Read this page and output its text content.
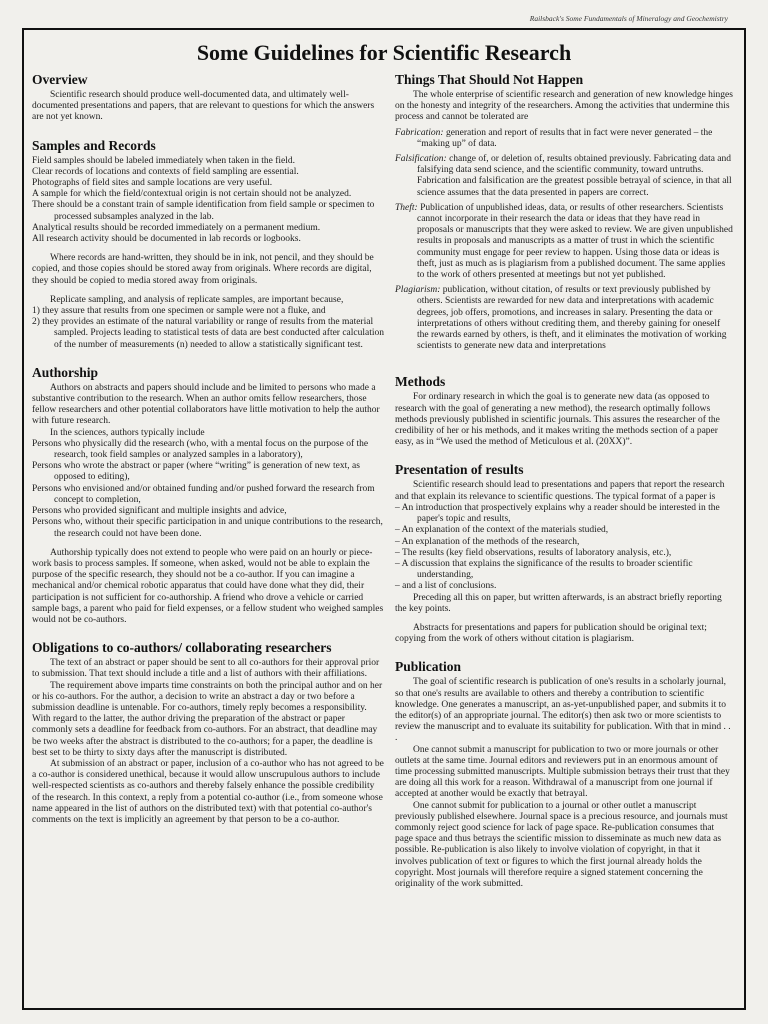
Railsback's Some Fundamentals of Mineralogy and Geochemistry
Some Guidelines for Scientific Research
Overview

Scientific research should produce well-documented data, and ultimately well-documented presentations and papers, that are relevant to questions for which the answers are not yet known.

Samples and Records

Field samples should be labeled immediately when taken in the field.

Clear records of locations and contexts of field sampling are essential.

Photographs of field sites and sample locations are very useful.

A sample for which the field/contextual origin is not certain should not be analyzed.

There should be a constant train of sample identification from field sample or specimen to processed subsamples analyzed in the lab.

Analytical results should be recorded immediately on a permanent medium.

All research activity should be documented in lab records or logbooks.

Where records are hand-written, they should be in ink, not pencil, and they should be copied, and those copies should be stored away from originals. Where records are digital, they should be copied to media stored away from originals.

Replicate sampling, and analysis of replicate samples, are important because,

1) they assure that results from one specimen or sample were not a fluke, and

2) they provides an estimate of the natural variability or range of results from the material sampled. Projects leading to statistical tests of data are best conducted after calculation of the number of measurements (n) needed to allow a statistically significant test.

Authorship

Authors on abstracts and papers should include and be limited to persons who made a substantive contribution to the research. When an author omits fellow researchers, those fellow researchers and other potential collaborators have little motivation to help the author with future research.

In the sciences, authors typically include

Persons who physically did the research (who, with a mental focus on the purpose of the research, took field samples or analyzed samples in a laboratory),

Persons who wrote the abstract or paper (where “writing” is generation of new text, as opposed to editing),

Persons who envisioned and/or obtained funding and/or pushed forward the research from concept to completion,

Persons who provided significant and multiple insights and advice,

Persons who, without their specific participation in and unique contributions to the research, the research could not have been done.

Authorship typically does not extend to people who were paid on an hourly or piece-work basis to process samples. If someone, when asked, would not be able to explain the purpose of the specific research, they should not be a co-author. If you can imagine a mechanical and/or chemical robotic apparatus that could have done what they did, their participation is not sufficient for co-authorship. A friend who drove a vehicle or carried sample bags, a parent who paid for field expenses, or a fellow student who weighed samples would not be co-authors.

Obligations to co-authors/ collaborating researchers

The text of an abstract or paper should be sent to all co-authors for their approval prior to submission. That text should include a title and a list of authors with their affiliations.

The requirement above imparts time constraints on both the principal author and on her or his co-authors. For the author, a decision to write an abstract a day or two before a submission deadline is untenable. For co-authors, timely reply becomes a responsibility. With regard to the latter, the author driving the preparation of the abstract or paper commonly sets a deadline for feedback from co-authors. For an abstract, that deadline may be two weeks after the abstract is distributed to the co-authors; for a paper, the deadline is best set to be thirty to sixty days after the manuscript is distributed.

At submission of an abstract or paper, inclusion of a co-author who has not agreed to be a co-author is considered unethical, because it would allow unscrupulous authors to include well-respected scientists as co-authors and thereby falsely enhance the possible credibility of the research. In this context, a reply from a potential co-author (i.e., from someone whose name appeared in the list of authors on the distributed text) with that potential co-author's comments on the text is implicitly an agreement by that person to be a co-author.

Things That Should Not Happen

The whole enterprise of scientific research and generation of new knowledge hinges on the honesty and integrity of the researchers. Among the activities that undermine this process and cannot be tolerated are

Fabrication: generation and report of results that in fact were never generated – the “making up” of data.

Falsification: change of, or deletion of, results obtained previously. Fabricating data and falsifying data send science, and the scientific community, toward untruths. Fabrication and falsification are the greatest possible betrayal of science, in that all science assumes that the data presented in papers are correct.

Theft: Publication of unpublished ideas, data, or results of other researchers. Scientists cannot incorporate in their research the data or ideas that they have read in proposals or manuscripts that they were asked to review. We are given unpublished results in proposals and manuscripts as a matter of trust in which the scientific community must engage for peer review to happen. Using those data or ideas is theft, just as much as is plagiarism from a published document. The same applies to the work of others presented at meetings but not yet published.

Plagiarism: publication, without citation, of results or text previously published by others. Scientists are rewarded for new data and interpretations with academic degrees, job offers, promotions, and increases in salary. Presenting the data or interpretations of others without crediting them, and thereby gaining for oneself the rewards earned by others, is theft, and it eliminates the motivation of working scientists to generate new data and interpretations

Methods

For ordinary research in which the goal is to generate new data (as opposed to research with the goal of generating a new method), the research optimally follows methods previously published in scientific journals. This assures the researcher of the credibility of her or his methods, and it makes writing the methods section of a paper easy, as in “We used the method of Meticulous et al. (20XX)”.

Presentation of results

Scientific research should lead to presentations and papers that report the research and that explain its relevance to scientific questions. The typical format of a paper is

– An introduction that prospectively explains why a reader should be interested in the paper's topic and results,

– An explanation of the context of the materials studied,

– An explanation of the methods of the research,

– The results (key field observations, results of laboratory analysis, etc.),

– A discussion that explains the significance of the results to broader scientific understanding,

– and a list of conclusions.

Preceding all this on paper, but written afterwards, is an abstract briefly reporting the key points.

Abstracts for presentations and papers for publication should be original text; copying from the work of others without citation is plagiarism.

Publication

The goal of scientific research is publication of one's results in a scholarly journal, so that one's results are available to others and thereby a contribution to scientific knowledge. One generates a manuscript, an as-yet-unpublished paper, and submits it to the editor(s) of an appropriate journal. The editor(s) then ask two or more scientists to review the manuscript and to evaluate its suitability for publication. With that in mind . . .

One cannot submit a manuscript for publication to two or more journals or other outlets at the same time. Journal editors and reviewers put in an enormous amount of time processing submitted manuscripts. Multiple submission betrays their trust that they are doing all this work for a reason. Withdrawal of a manuscript from one journal if accepted at another would be exactly that betrayal.

One cannot submit for publication to a journal or other outlet a manuscript previously published elsewhere. Journal space is a precious resource, and journals must commonly reject good science for lack of page space. Re-publication consumes that page space and thus betrays the scientific mission to disseminate as much new data as possible. Re-publication is also likely to involve violation of copyright, in that it involves publication of text or figures to which the first journal already holds the copyright. Most journals will therefore require a signed statement concerning the originality of the work submitted.
